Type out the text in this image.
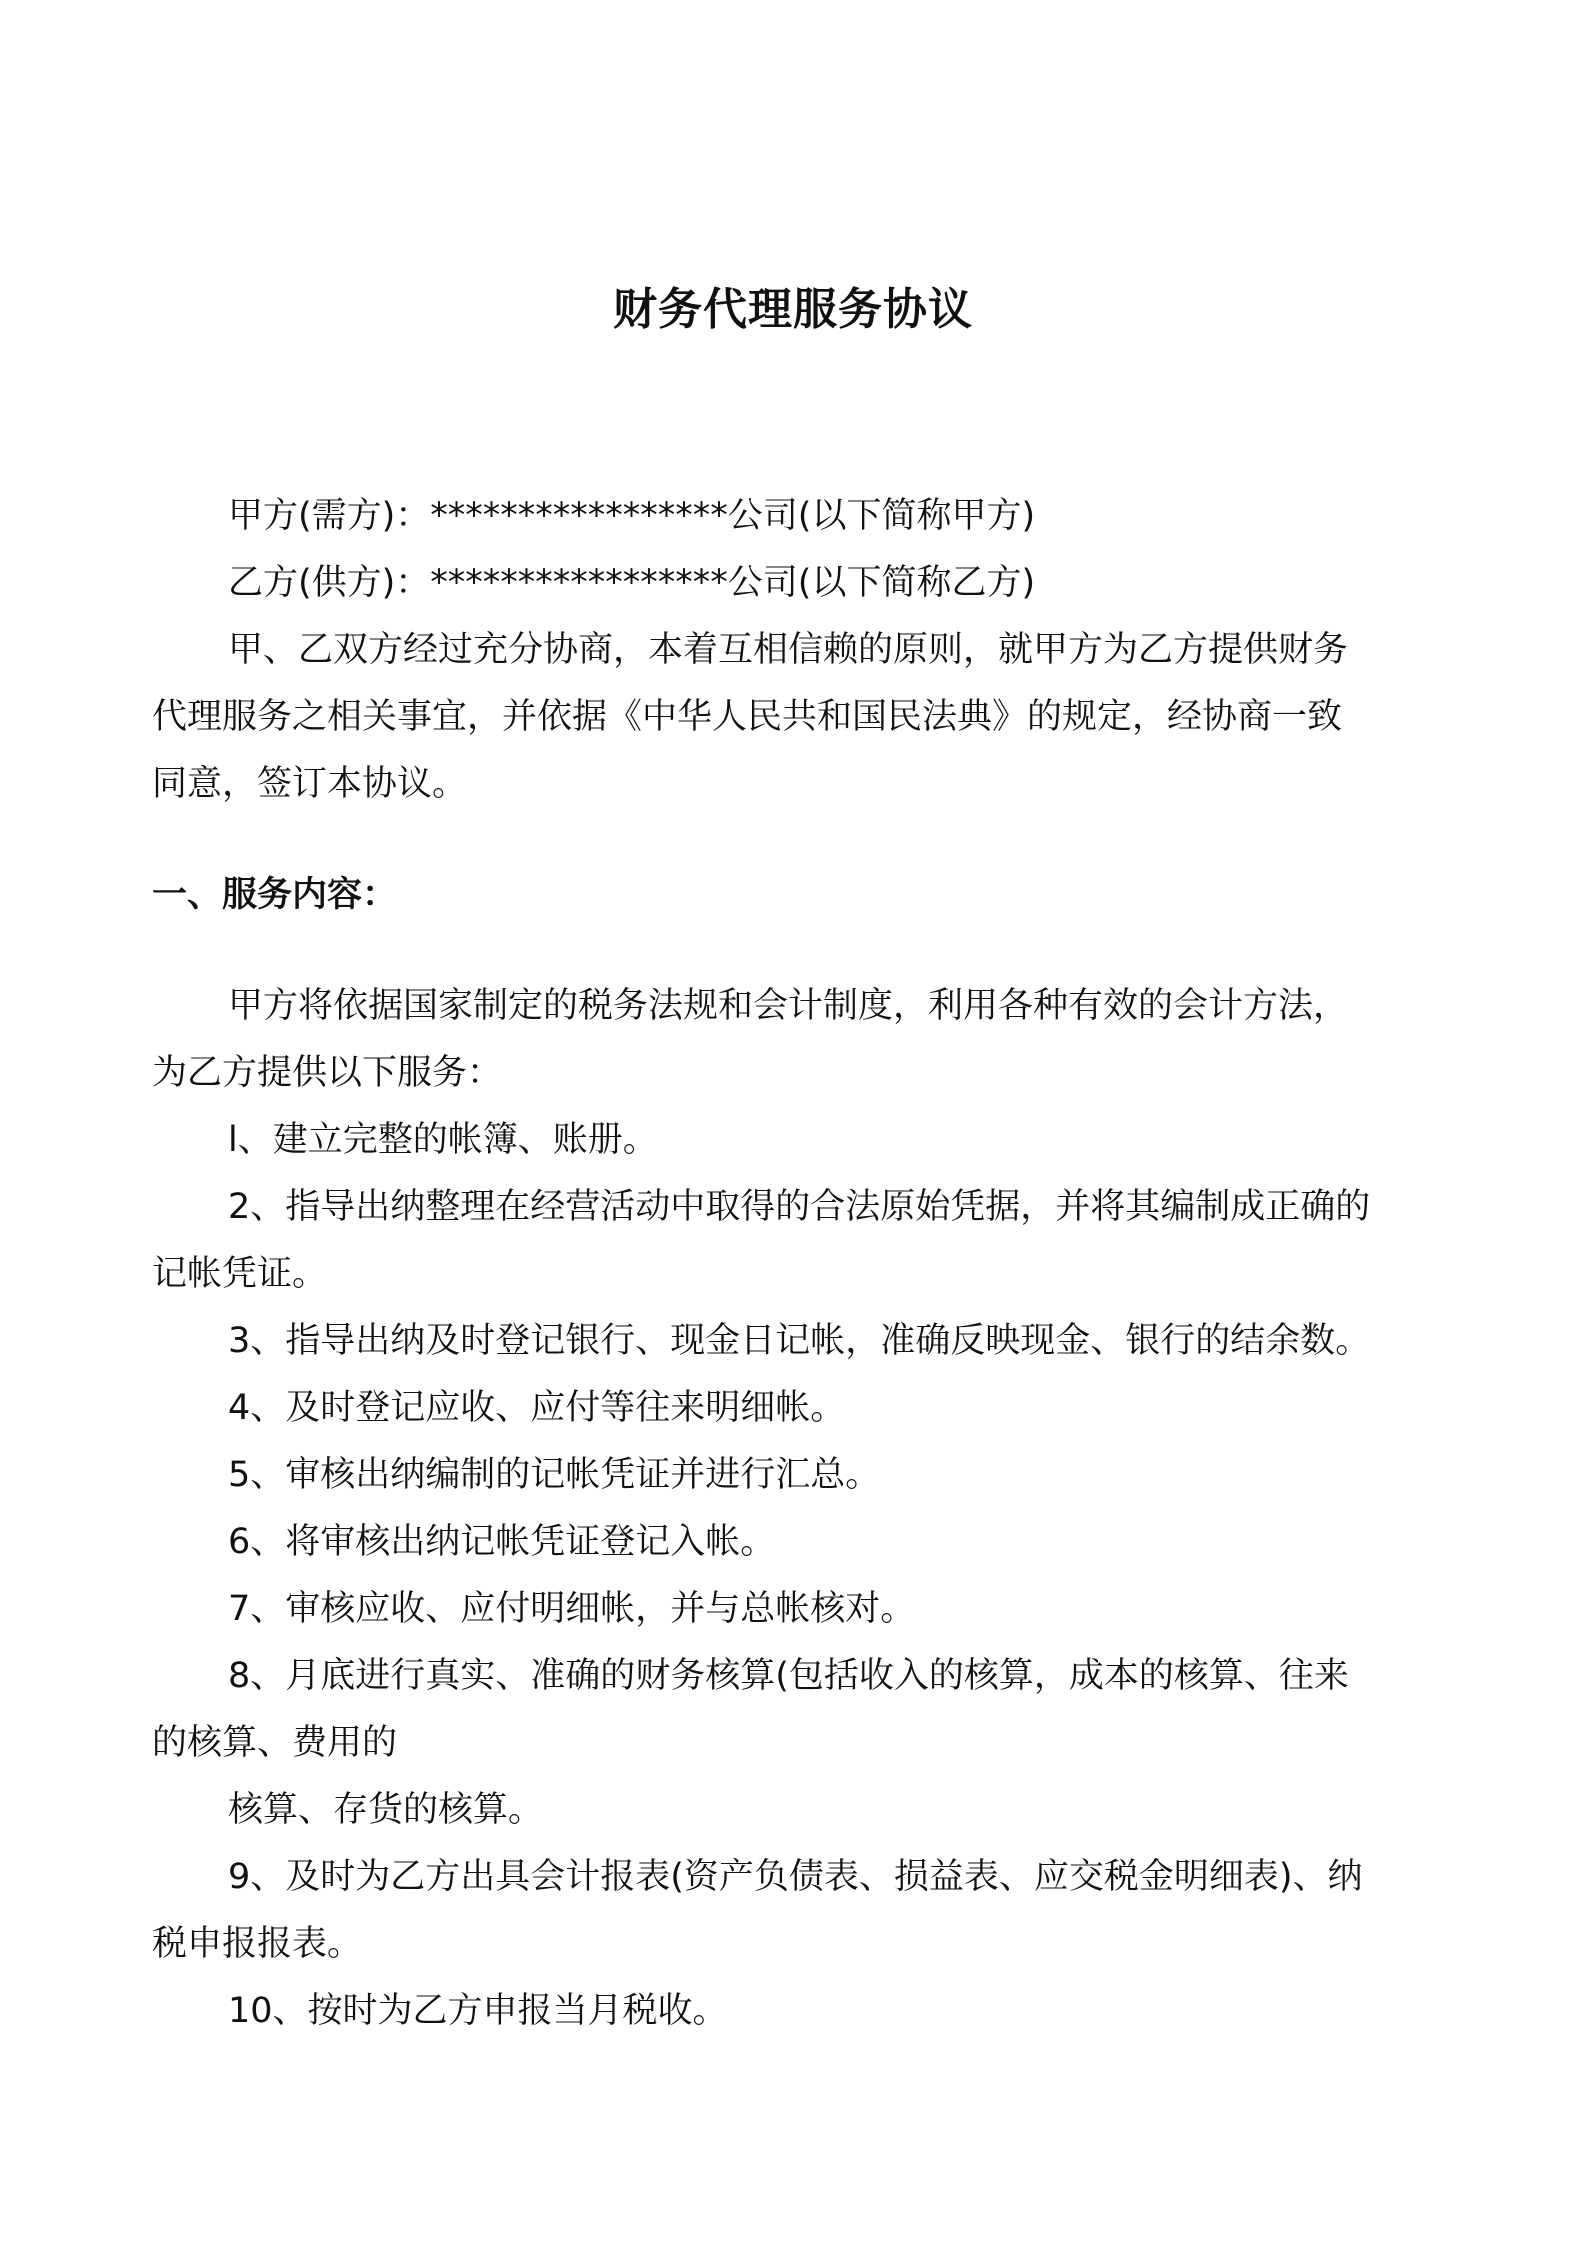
财务代理服务协议
甲方(需方)：*****************公司(以下简称甲方)
乙方(供方)：*****************公司(以下简称乙方)
甲、乙双方经过充分协商，本着互相信赖的原则，就甲方为乙方提供财务
代理服务之相关事宜，并依据《中华人民共和国民法典》的规定，经协商一致
同意，签订本协议。
一、服务内容：
甲方将依据国家制定的税务法规和会计制度，利用各种有效的会计方法，
为乙方提供以下服务：
l、建立完整的帐簿、账册。
2、指导出纳整理在经营活动中取得的合法原始凭据，并将其编制成正确的
记帐凭证。
3、指导出纳及时登记银行、现金日记帐，准确反映现金、银行的结余数。
4、及时登记应收、应付等往来明细帐。
5、审核出纳编制的记帐凭证并进行汇总。
6、将审核出纳记帐凭证登记入帐。
7、审核应收、应付明细帐，并与总帐核对。
8、月底进行真实、准确的财务核算(包括收入的核算，成本的核算、往来
的核算、费用的
核算、存货的核算。
9、及时为乙方出具会计报表(资产负债表、损益表、应交税金明细表)、纳
税申报报表。
10、按时为乙方申报当月税收。
